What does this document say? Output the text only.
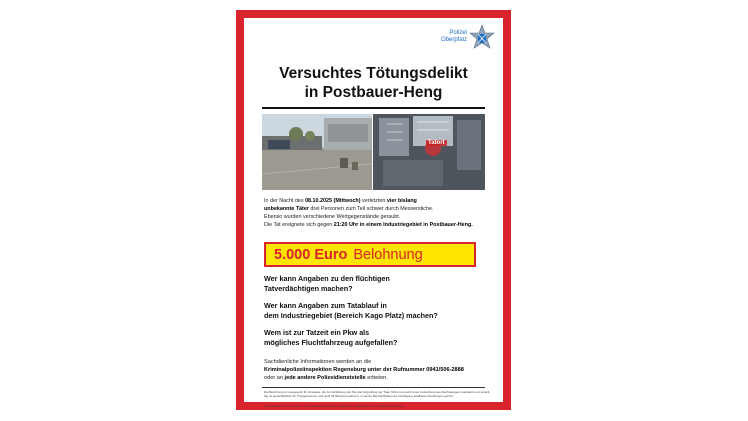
Polizei
Oberpfalz
Versuchtes Tötungsdelikt
in Postbauer-Heng
Tatort
In der Nacht des 08.10.2025 (Mittwoch) verletzten vier bislang
unbekannte Täter drei Personen zum Teil schwer durch Messerstiche.
Ebenso wurden verschiedene Wertgegenstände geraubt.
Die Tat ereignete sich gegen 21:20 Uhr in einem Industriegebiet in Postbauer-Heng.
5.000 Euro Belohnung
Wer kann Angaben zu den flüchtigen
Tatverdächtigen machen?
Wer kann Angaben zum Tatablauf in
dem Industriegebiet (Bereich Kago Platz) machen?
Wem ist zur Tatzeit ein Pkw als
mögliches Fluchtfahrzeug aufgefallen?
Sachdienliche Informationen werden an die
Kriminalpolizeiinspektion Regensburg unter der Rufnummer 0941/506-2888
oder an jede andere Polizeidienststelle erbeten.
Die Belohnung ist ausgesetzt für Hinweise, die zur Aufklärung der Tat oder Ergreifung der Täter führen und wird unter Ausschluss des Rechtsweges zuerkannt und verteilt.
Sie ist ausschließlich für Privatpersonen und nicht für Beamte bestimmt, zu deren Berufspflichten die Verfolgung strafbarer Handlungen gehört.
Verantwortlich i.S.d. Presser.: Kriminalpolizeiinspektion Regensburg, Bajuwarenstr. 2, 93053 Regensburg
